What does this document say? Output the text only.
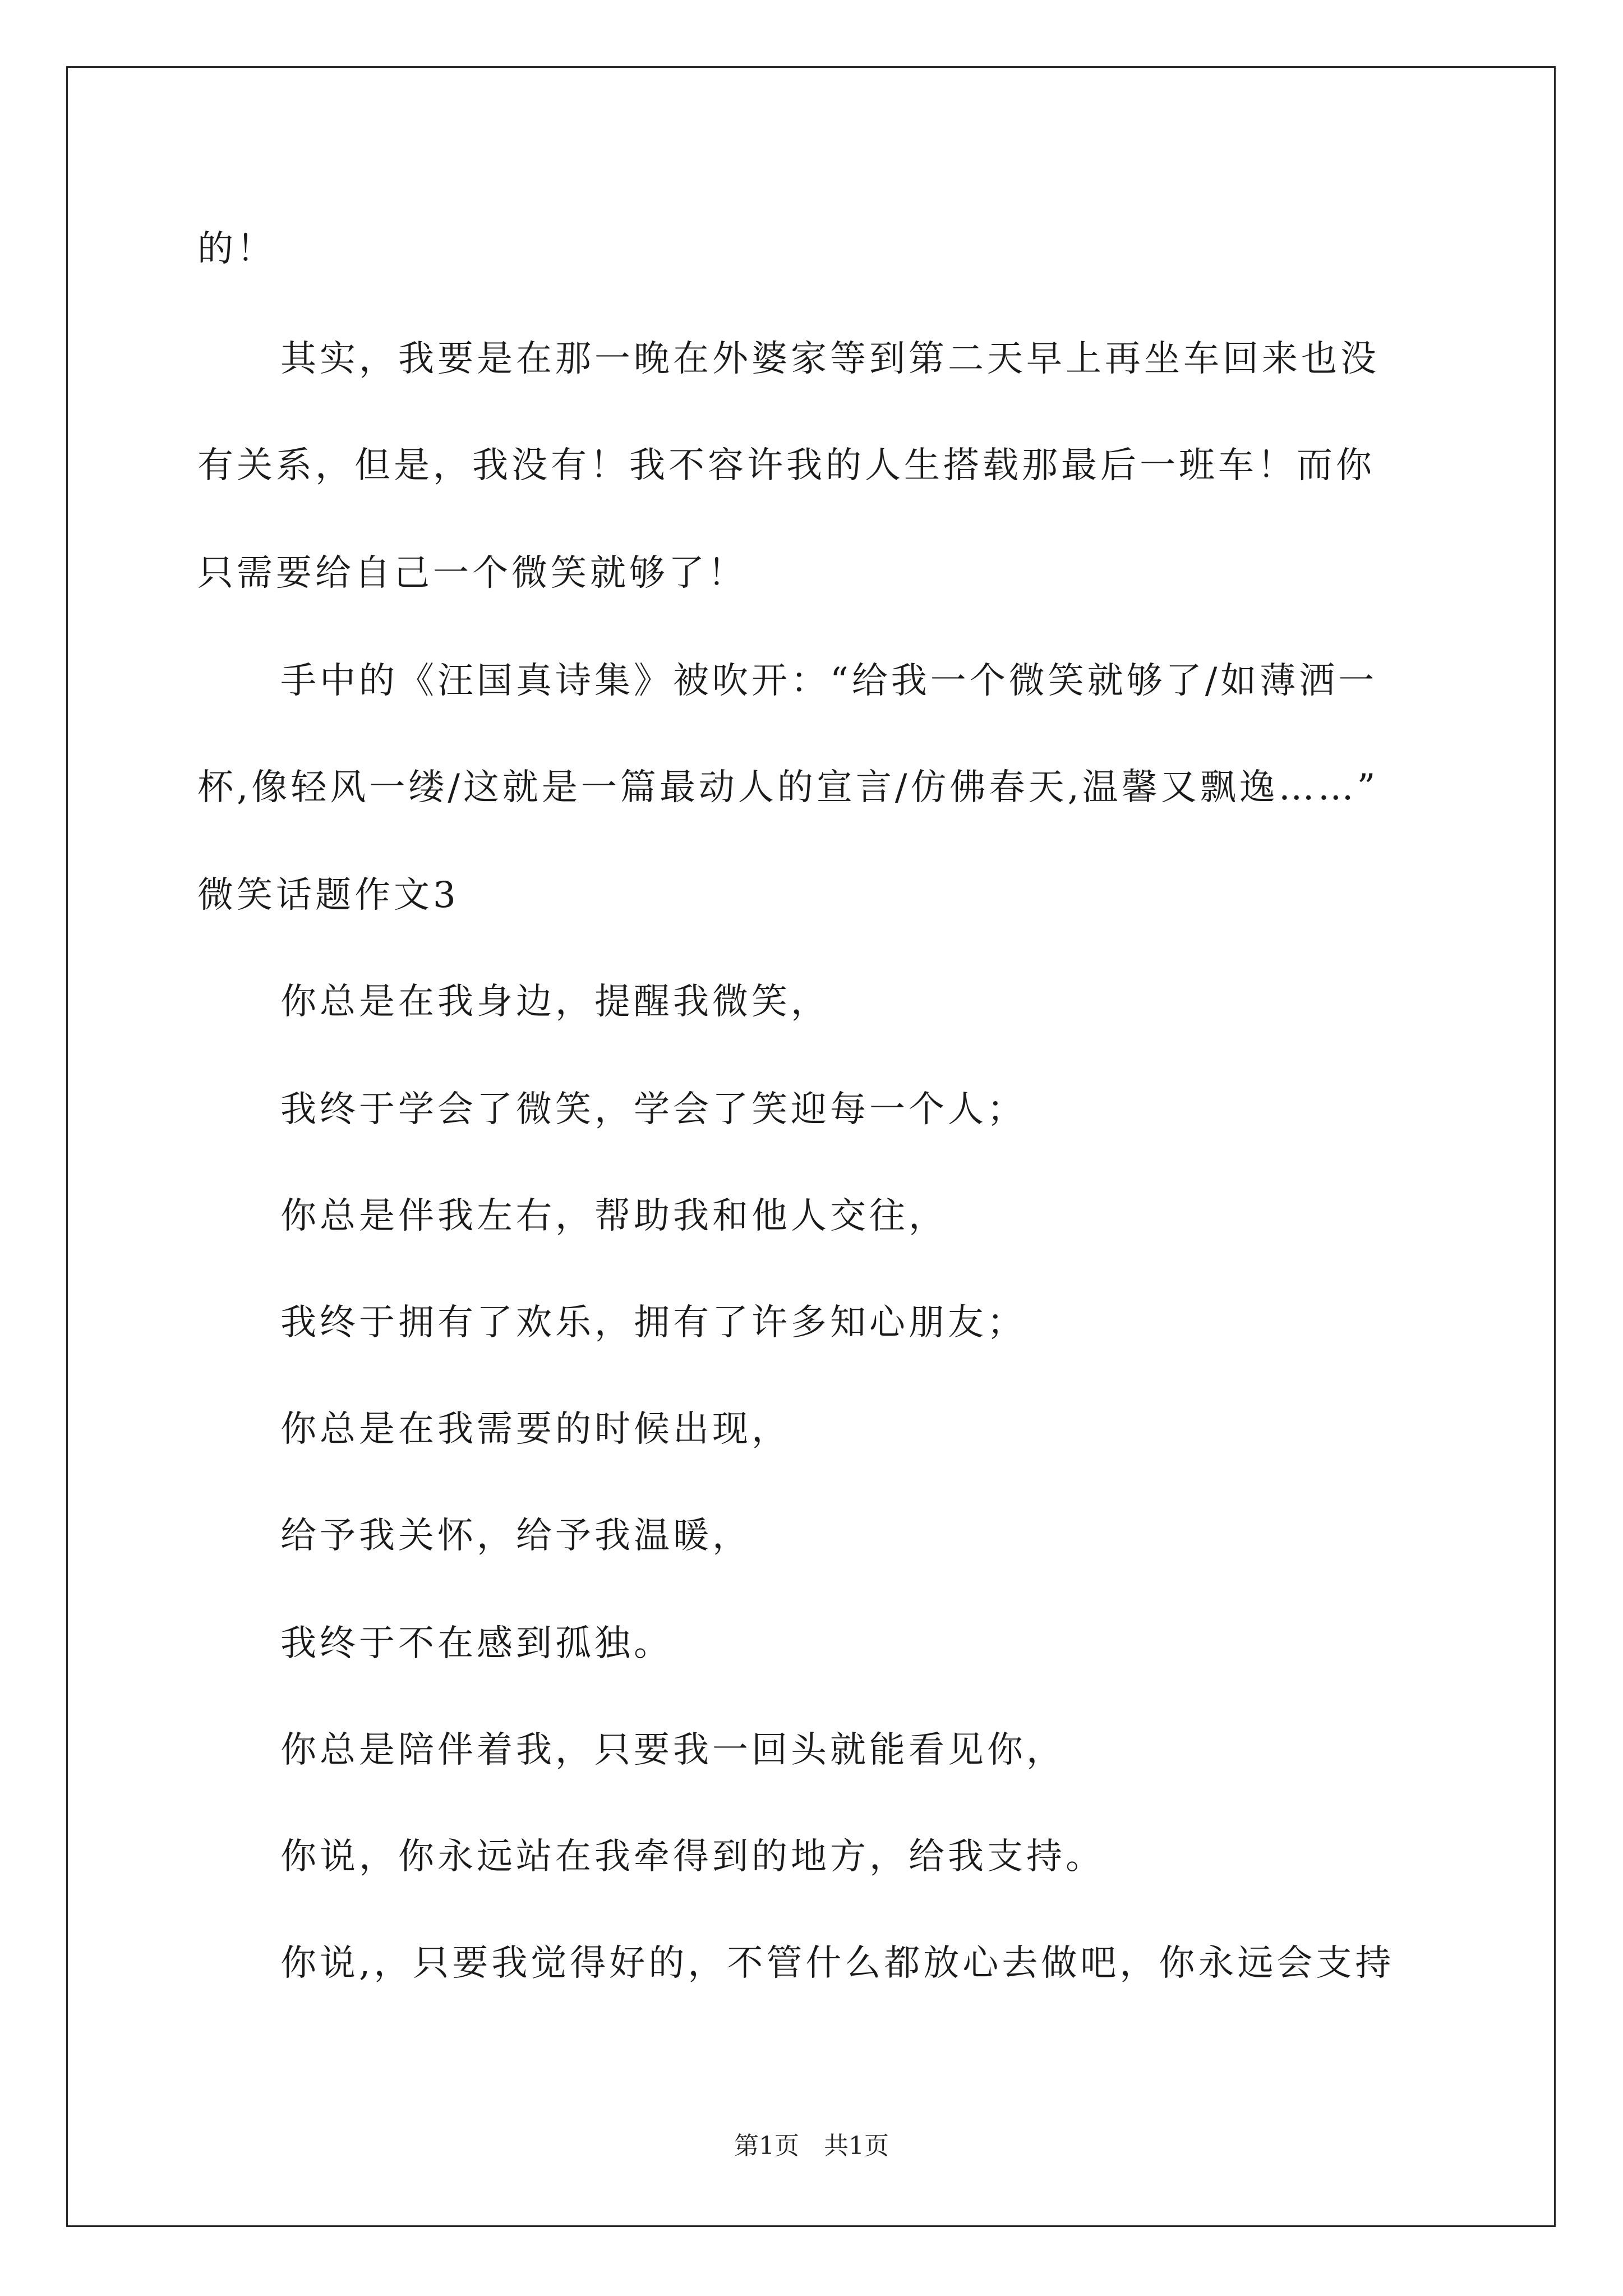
的！
其实，我要是在那一晚在外婆家等到第二天早上再坐车回来也没
有关系，但是，我没有！我不容许我的人生搭载那最后一班车！而你
只需要给自己一个微笑就够了！
手中的《汪国真诗集》被吹开：“给我一个微笑就够了/如薄洒一
杯,像轻风一缕/这就是一篇最动人的宣言/仿佛春天,温馨又飘逸……”
微笑话题作文3
你总是在我身边，提醒我微笑，
我终于学会了微笑，学会了笑迎每一个人；
你总是伴我左右，帮助我和他人交往，
我终于拥有了欢乐，拥有了许多知心朋友；
你总是在我需要的时候出现，
给予我关怀，给予我温暖，
我终于不在感到孤独。
你总是陪伴着我，只要我一回头就能看见你，
你说，你永远站在我牵得到的地方，给我支持。
你说,，只要我觉得好的，不管什么都放心去做吧，你永远会支持
第1页　共1页
